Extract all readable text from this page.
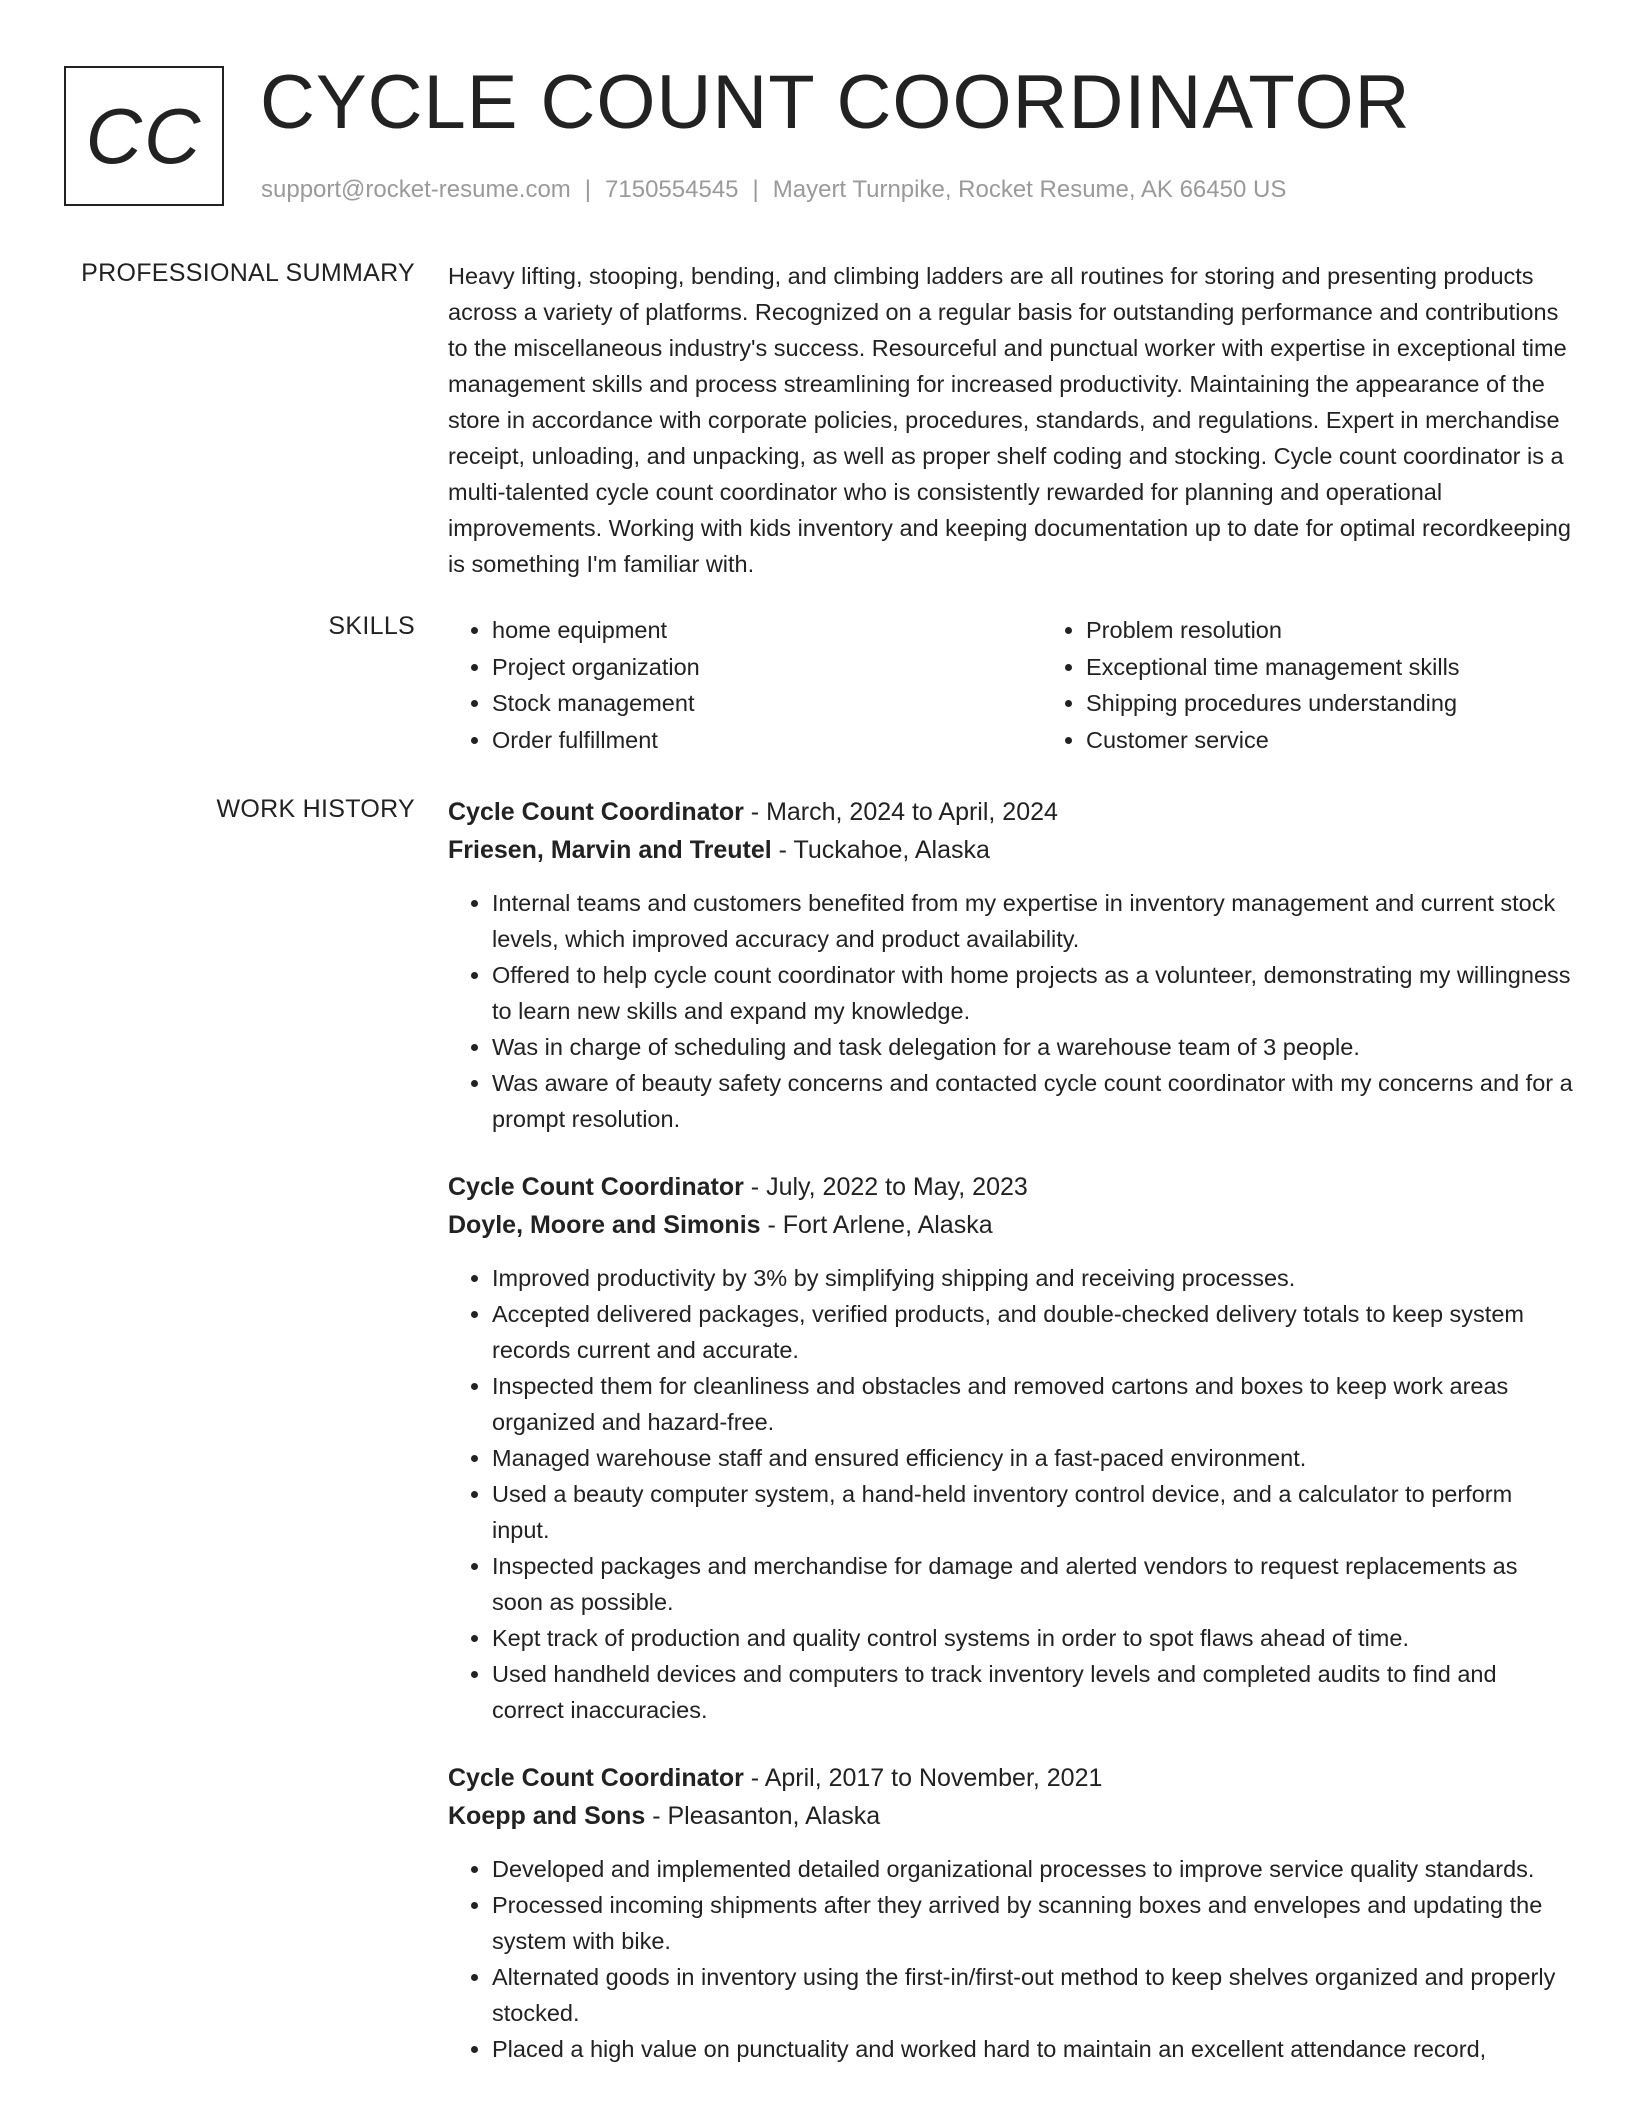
CC CYCLE COUNT COORDINATOR
support@rocket-resume.com | 7150554545 | Mayert Turnpike, Rocket Resume, AK 66450 US
PROFESSIONAL SUMMARY Heavy lifting, stooping, bending, and climbing ladders are all routines for storing and presenting products across a variety of platforms. Recognized on a regular basis for outstanding performance and contributions to the miscellaneous industry's success. Resourceful and punctual worker with expertise in exceptional time management skills and process streamlining for increased productivity. Maintaining the appearance of the store in accordance with corporate policies, procedures, standards, and regulations. Expert in merchandise receipt, unloading, and unpacking, as well as proper shelf coding and stocking. Cycle count coordinator is a multi-talented cycle count coordinator who is consistently rewarded for planning and operational improvements. Working with kids inventory and keeping documentation up to date for optimal recordkeeping is something I'm familiar with.
SKILLS
•	home equipment
• Project organization
• Stock management
• Order fulfillment
• Problem resolution
• Exceptional time management skills
• Shipping procedures understanding
• Customer service
WORK HISTORY Cycle Count Coordinator - March, 2024 to April, 2024
Friesen, Marvin and Treutel - Tuckahoe, Alaska
• Internal teams and customers benefited from my expertise in inventory management and current stock levels, which improved accuracy and product availability.
• Offered to help cycle count coordinator with home projects as a volunteer, demonstrating my willingness to learn new skills and expand my knowledge.
• Was in charge of scheduling and task delegation for a warehouse team of 3 people.
• Was aware of beauty safety concerns and contacted cycle count coordinator with my concerns and for a prompt resolution.
Cycle Count Coordinator - July, 2022 to May, 2023
Doyle, Moore and Simonis - Fort Arlene, Alaska
• Improved productivity by 3% by simplifying shipping and receiving processes.
• Accepted delivered packages, verified products, and double-checked delivery totals to keep system records current and accurate.
• Inspected them for cleanliness and obstacles and removed cartons and boxes to keep work areas organized and hazard-free.
• Managed warehouse staff and ensured efficiency in a fast-paced environment.
• Used a beauty computer system, a hand-held inventory control device, and a calculator to perform input.
• Inspected packages and merchandise for damage and alerted vendors to request replacements as soon as possible.
• Kept track of production and quality control systems in order to spot flaws ahead of time.
• Used handheld devices and computers to track inventory levels and completed audits to find and correct inaccuracies.
Cycle Count Coordinator - April, 2017 to November, 2021
Koepp and Sons - Pleasanton, Alaska
• Developed and implemented detailed organizational processes to improve service quality standards.
• Processed incoming shipments after they arrived by scanning boxes and envelopes and updating the system with bike.
• Alternated goods in inventory using the first-in/first-out method to keep shelves organized and properly stocked.
• Placed a high value on punctuality and worked hard to maintain an excellent attendance record,
